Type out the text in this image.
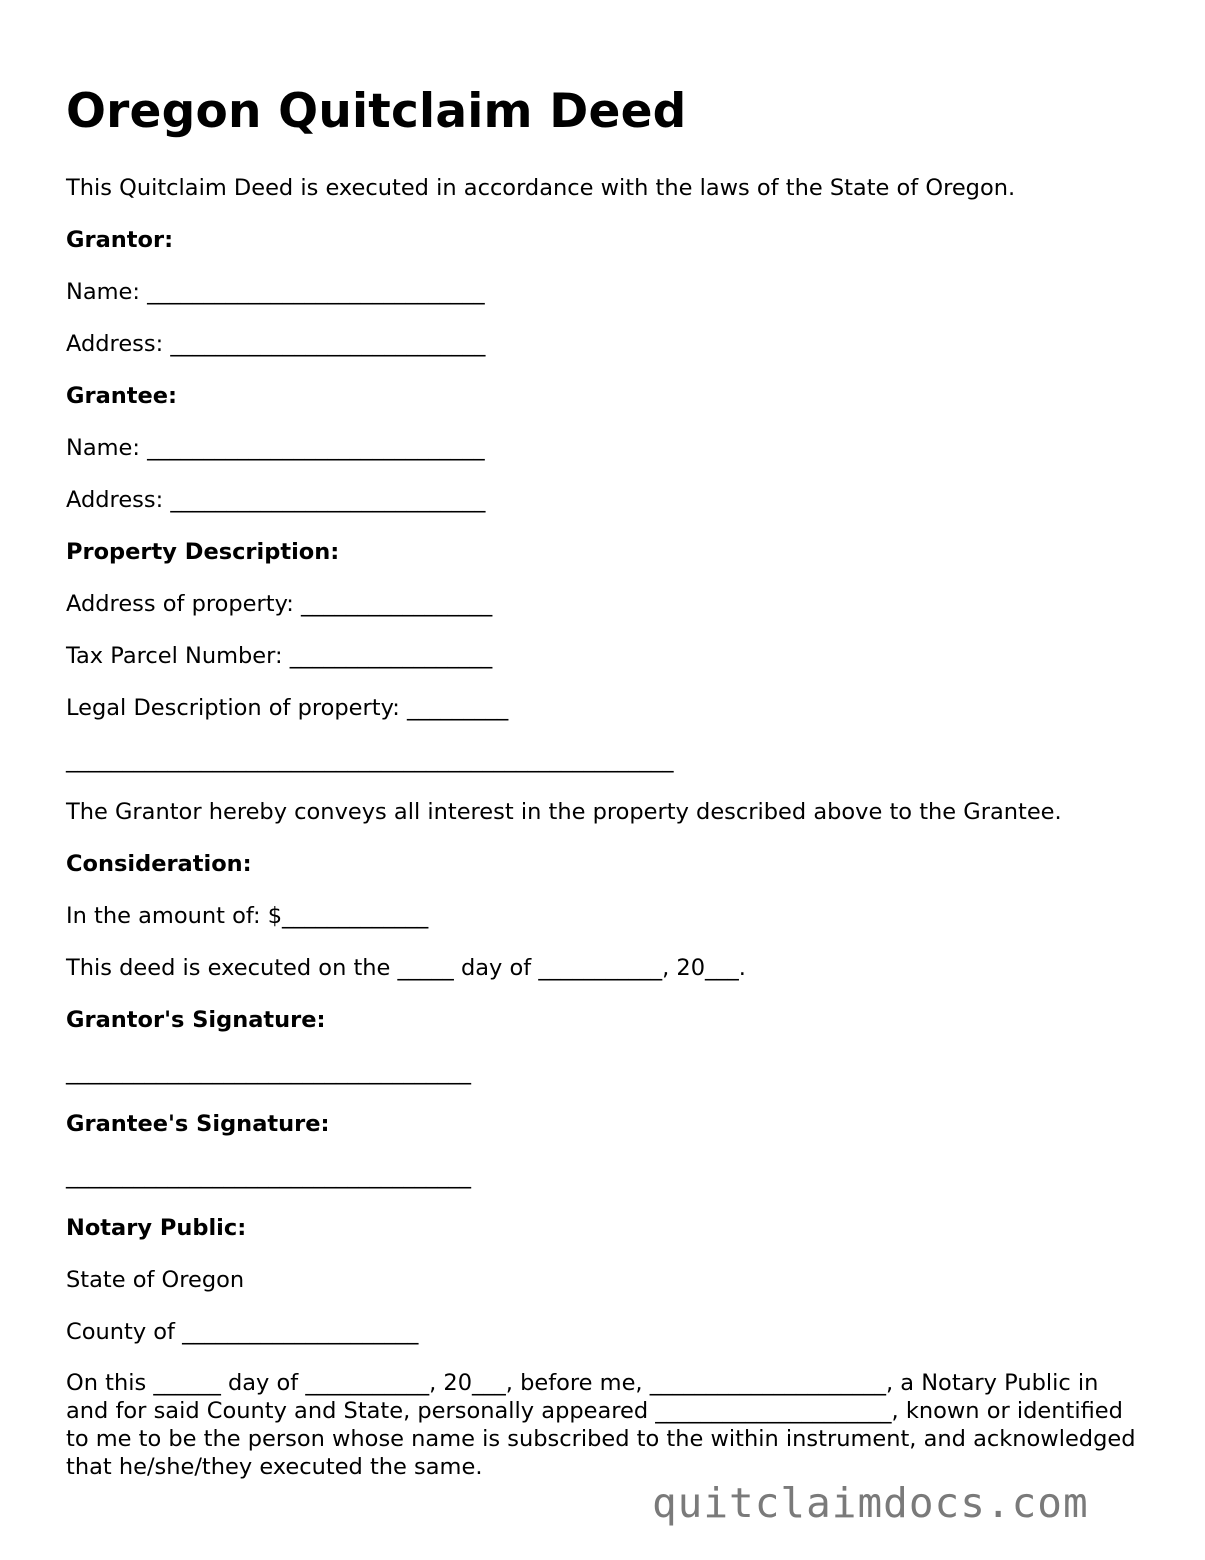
Oregon Quitclaim Deed

This Quitclaim Deed is executed in accordance with the laws of the State of Oregon.

Grantor:

Name: ______________________________

Address: ____________________________

Grantee:

Name: ______________________________

Address: ____________________________

Property Description:

Address of property: _________________

Tax Parcel Number: __________________

Legal Description of property: _________

______________________________________________________

The Grantor hereby conveys all interest in the property described above to the Grantee.

Consideration:

In the amount of: $_____________

This deed is executed on the _____ day of ___________, 20___.

Grantor's Signature:

____________________________________

Grantee's Signature:

____________________________________

Notary Public:

State of Oregon

County of _____________________

On this ______ day of ___________, 20___, before me, _____________________, a Notary Public in and for said County and State, personally appeared _____________________, known or identified to me to be the person whose name is subscribed to the within instrument, and acknowledged that he/she/they executed the same.

quitclaimdocs.com
